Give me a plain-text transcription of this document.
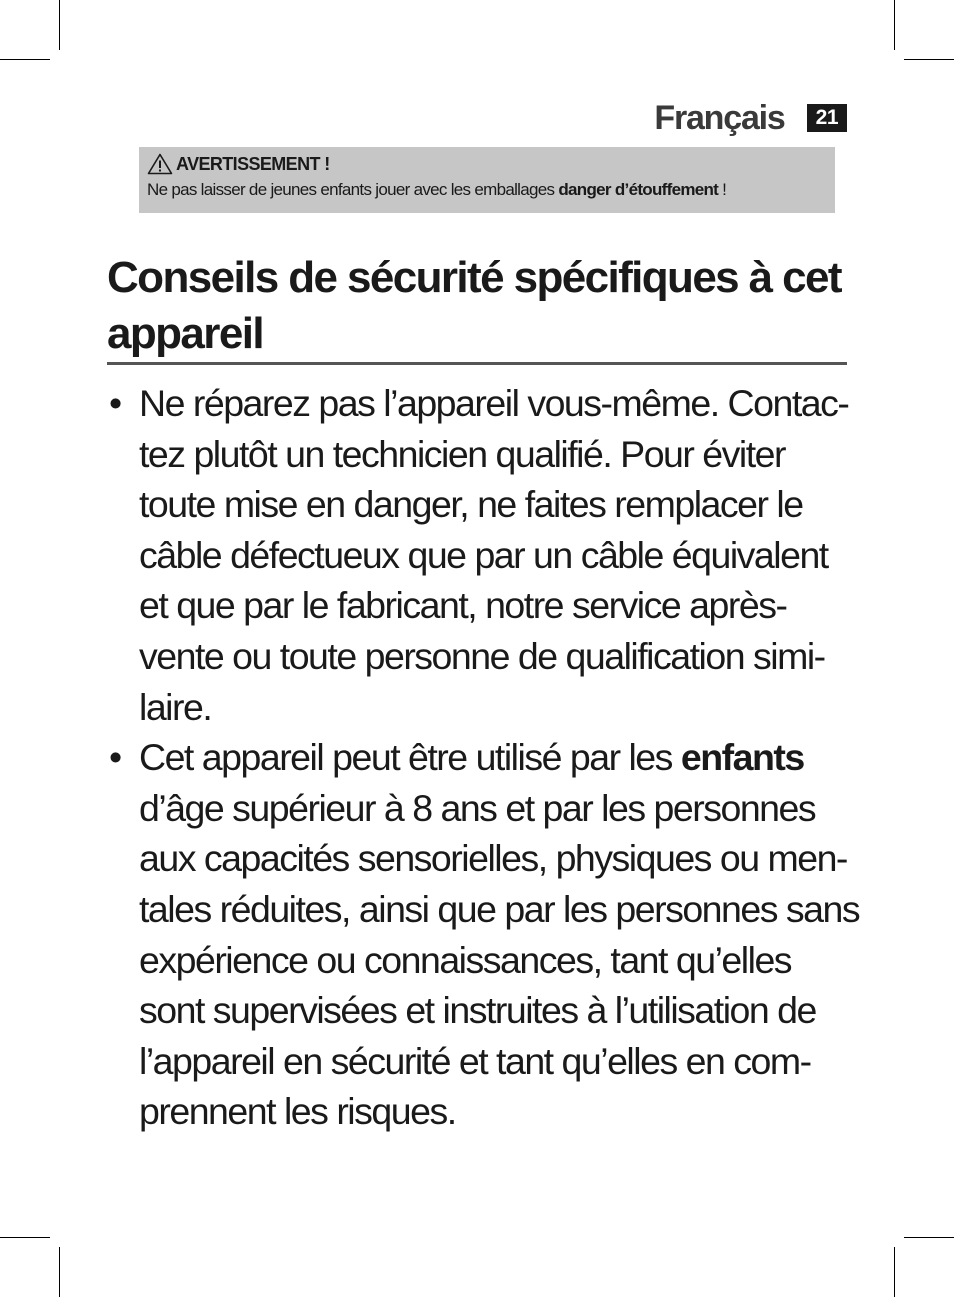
Français	21
AVERTISSEMENT !
Ne pas laisser de jeunes enfants jouer avec les emballages danger d’étouffement !
Conseils de sécurité spécifiques à cet
appareil
• Ne réparez pas l’appareil vous-même. Contac-
tez plutôt un technicien qualifié. Pour éviter
toute mise en danger, ne faites remplacer le
câble défectueux que par un câble équivalent
et que par le fabricant, notre service après-
vente ou toute personne de qualification simi-
laire.
• Cet appareil peut être utilisé par les enfants
d’âge supérieur à 8 ans et par les personnes
aux capacités sensorielles, physiques ou men-
tales réduites, ainsi que par les personnes sans
expérience ou connaissances, tant qu’elles
sont supervisées et instruites à l’utilisation de
l’appareil en sécurité et tant qu’elles en com-
prennent les risques.
